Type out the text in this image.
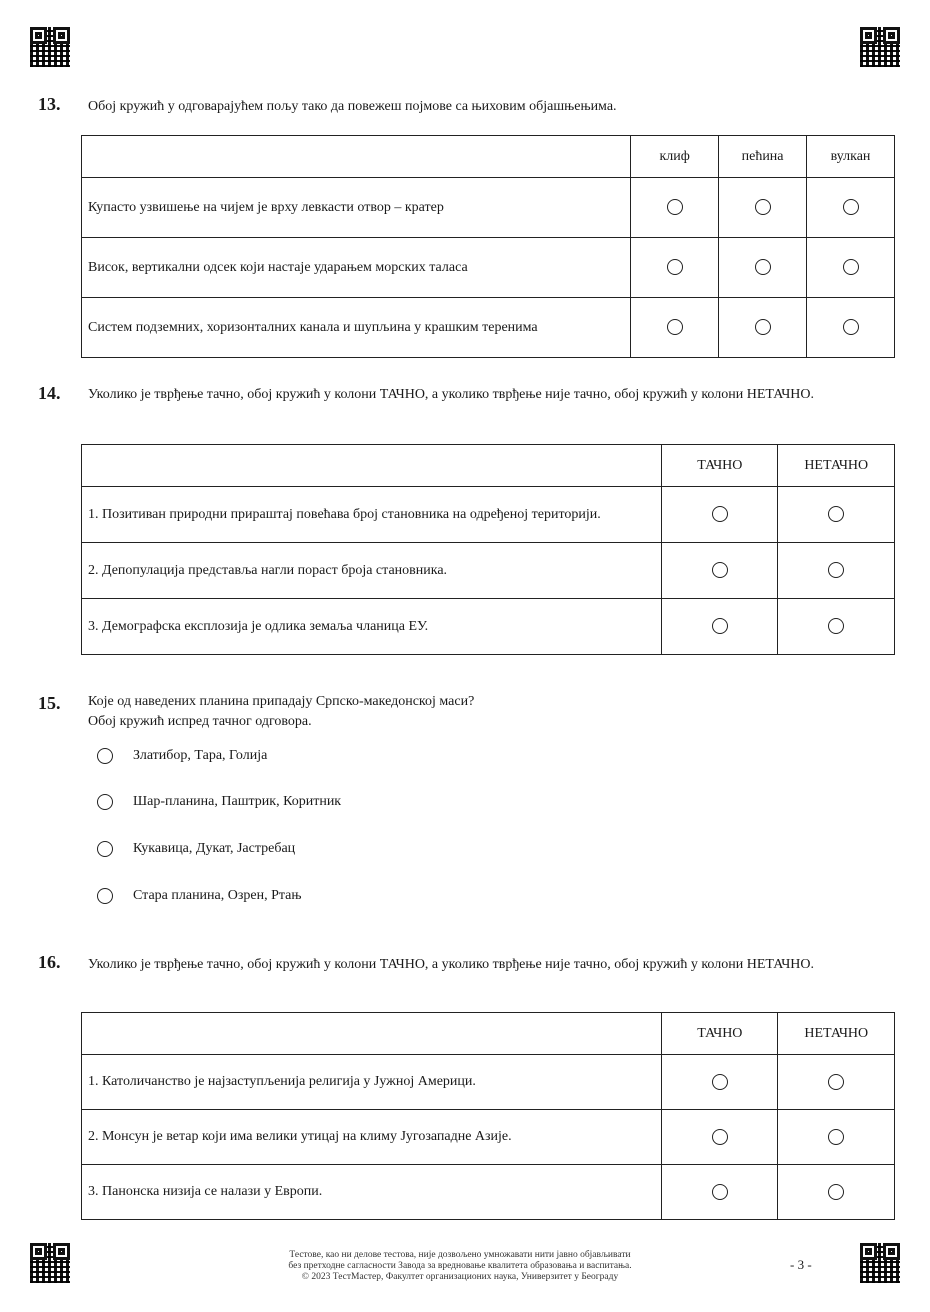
13. Обој кружић у одговарајућем пољу тако да повежеш појмове са њиховим објашњењима.
	клиф	пећина	вулкан
Купасто узвишење на чијем је врху левкасти отвор – кратер			
Висок, вертикални одсек који настаје ударањем морских таласа			
Систем подземних, хоризонталних канала и шупљина у крашким теренима			
14. Уколико је тврђење тачно, обој кружић у колони ТАЧНО, а уколико тврђење није тачно, обој кружић у колони НЕТАЧНО.
	ТАЧНО	НЕТАЧНО
1. Позитиван природни прираштај повећава број становника на одређеној територији.		
2. Депопулација представља нагли пораст броја становника.		
3. Демографска експлозија је одлика земаља чланица ЕУ.		
15. Које од наведених планина припадају Српско-македонској маси?
Обој кружић испред тачног одговора.
Златибор, Тара, Голија
Шар-планина, Паштрик, Коритник
Кукавица, Дукат, Јастребац
Стара планина, Озрен, Ртањ
16. Уколико је тврђење тачно, обој кружић у колони ТАЧНО, а уколико тврђење није тачно, обој кружић у колони НЕТАЧНО.
	ТАЧНО	НЕТАЧНО
1. Католичанство је најзаступљенија религија у Јужној Америци.		
2. Монсун је ветар који има велики утицај на климу Југозападне Азије.		
3. Панонска низија се налази у Европи.		
Тестове, као ни делове тестова, није дозвољено умножавати нити јавно објављивати
без претходне сагласности Завода за вредновање квалитета образовања и васпитања.
© 2023 ТестМастер, Факултет организационих наука, Универзитет у Београду
- 3 -
